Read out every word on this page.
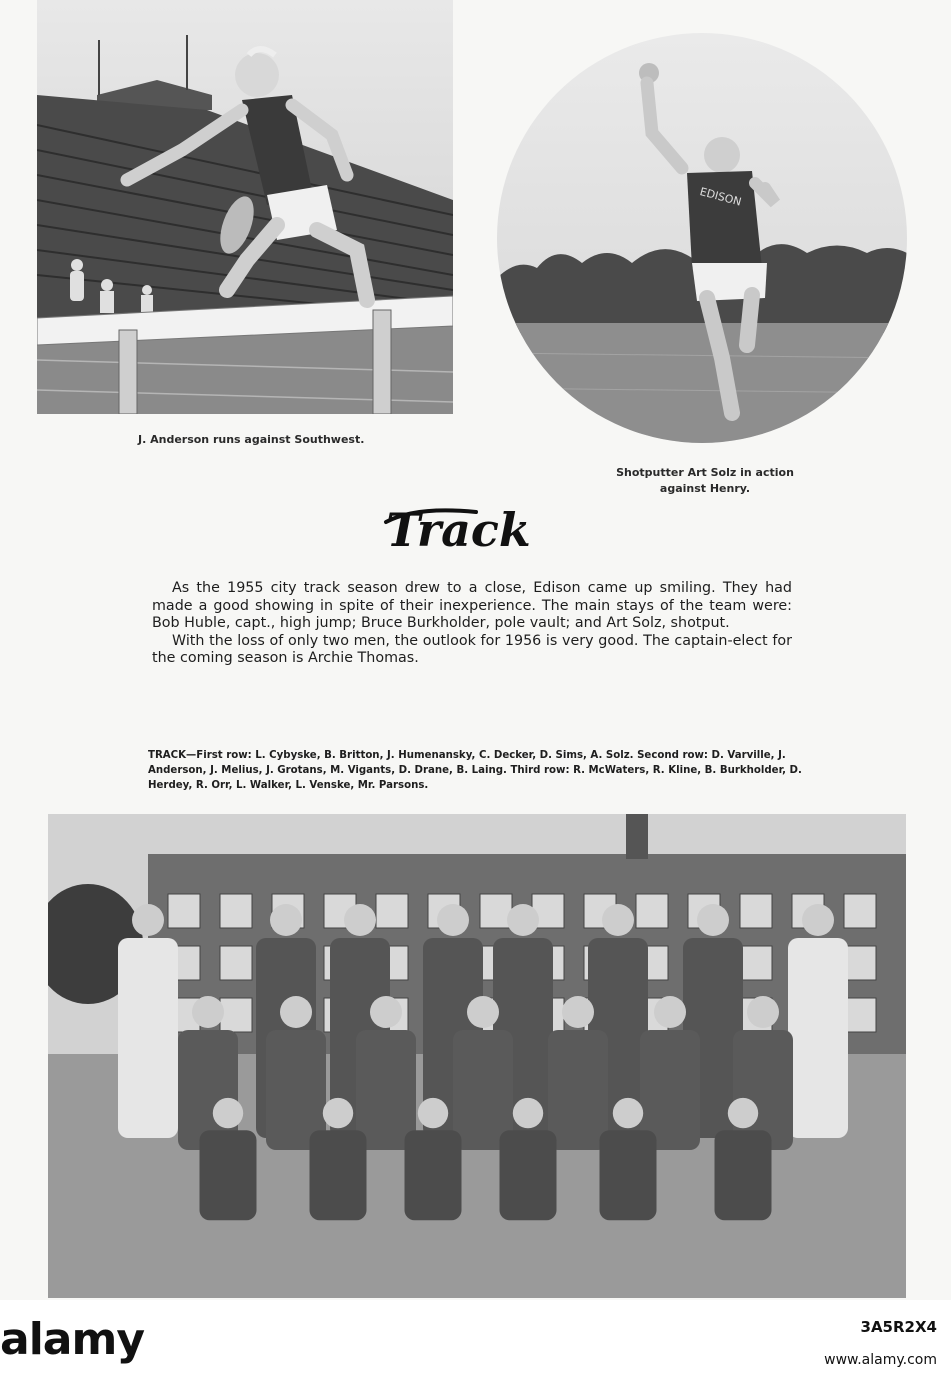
EDISON
J. Anderson runs against Southwest.
Shotputter Art Solz in action
against Henry.
Track

As the 1955 city track season drew to a close, Edison came up smiling. They had made a good showing in spite of their inexperience. The main stays of the team were: Bob Huble, capt., high jump; Bruce Burkholder, pole vault; and Art Solz, shotput.

With the loss of only two men, the outlook for 1956 is very good. The captain-elect for the coming season is Archie Thomas.

TRACK—First row: L. Cybyske, B. Britton, J. Humenansky, C. Decker, D. Sims, A. Solz. Second row: D. Varville, J. Anderson, J. Melius, J. Grotans, M. Vigants, D. Drane, B. Laing. Third row: R. McWaters, R. Kline, B. Burkholder, D. Herdey, R. Orr, L. Walker, L. Venske, Mr. Parsons.
alamy	3A5R2X4
www.alamy.com
